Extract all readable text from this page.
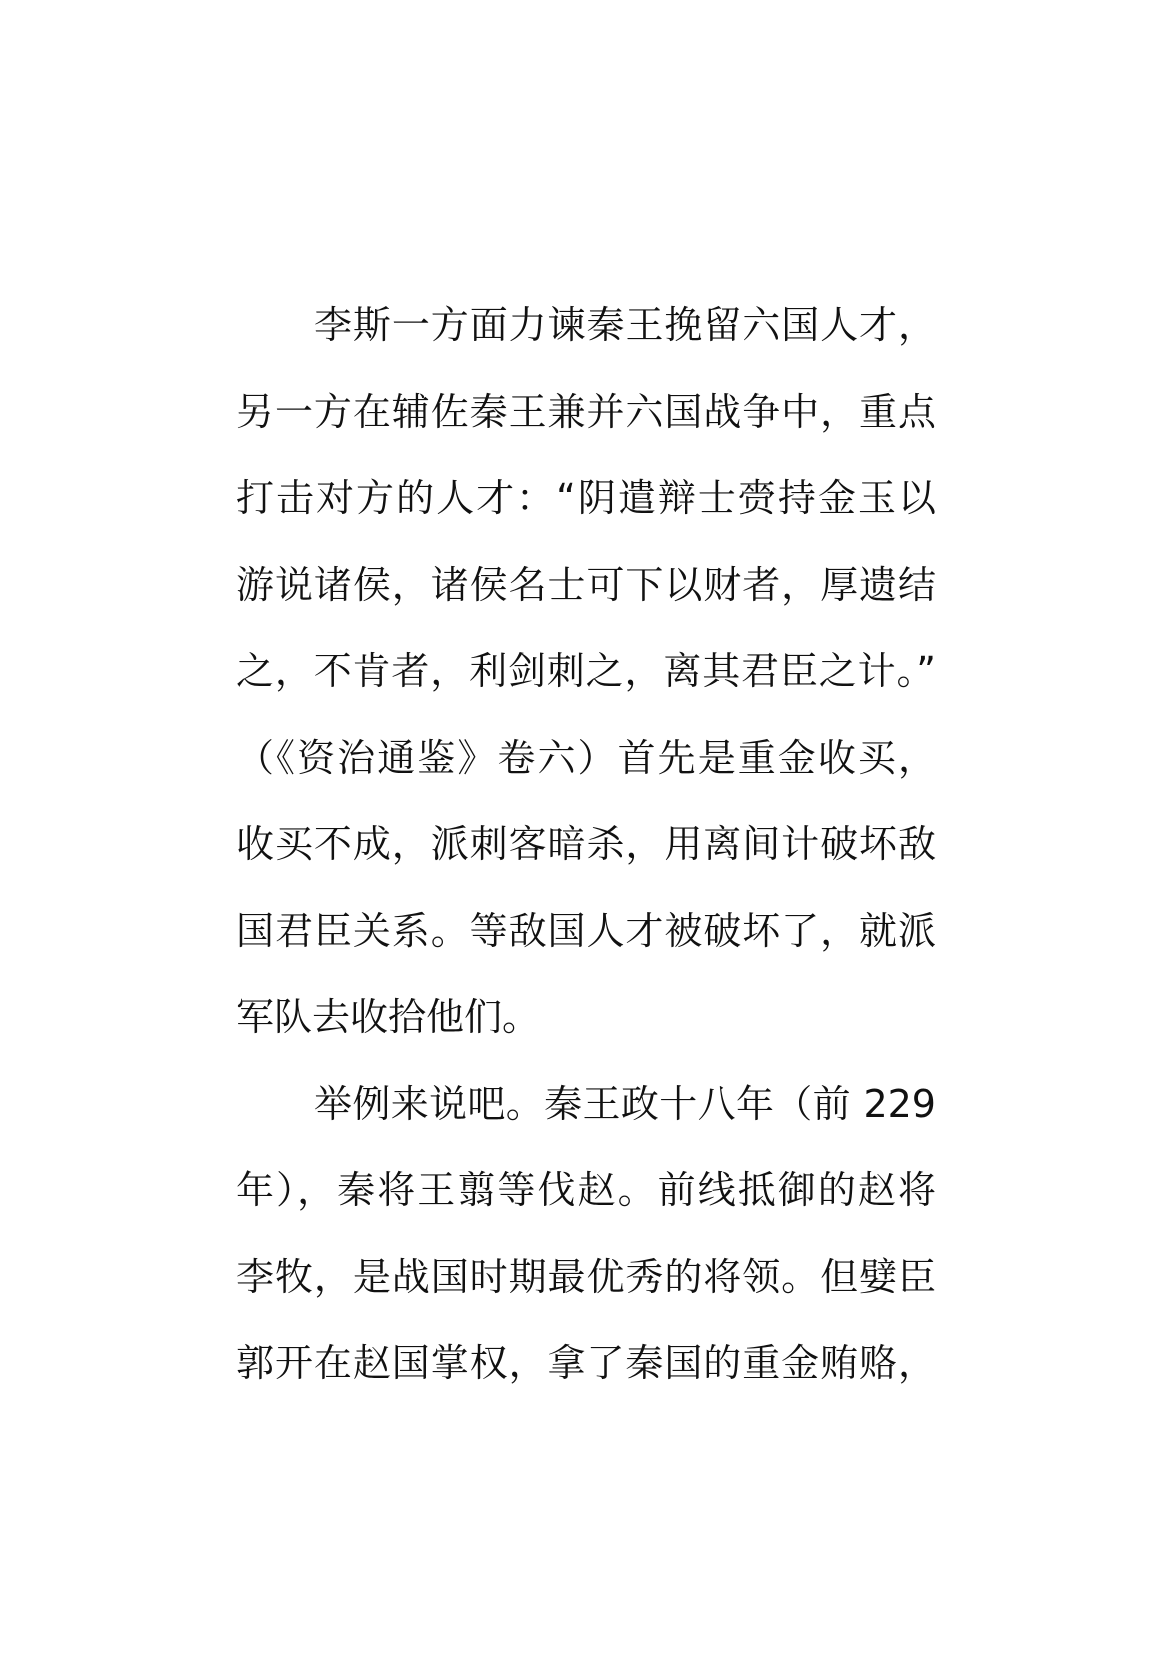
李斯一方面力谏秦王挽留六国人才，
另一方在辅佐秦王兼并六国战争中，重点
打击对方的人才：“阴遣辩士赍持金玉以
游说诸侯，诸侯名士可下以财者，厚遗结
之，不肯者，利剑刺之，离其君臣之计。”
（《资治通鉴》卷六）首先是重金收买，
收买不成，派刺客暗杀，用离间计破坏敌
国君臣关系。等敌国人才被破坏了，就派
军队去收拾他们。
举例来说吧。秦王政十八年（前 229
年），秦将王翦等伐赵。前线抵御的赵将
李牧，是战国时期最优秀的将领。但嬖臣
郭开在赵国掌权，拿了秦国的重金贿赂，
